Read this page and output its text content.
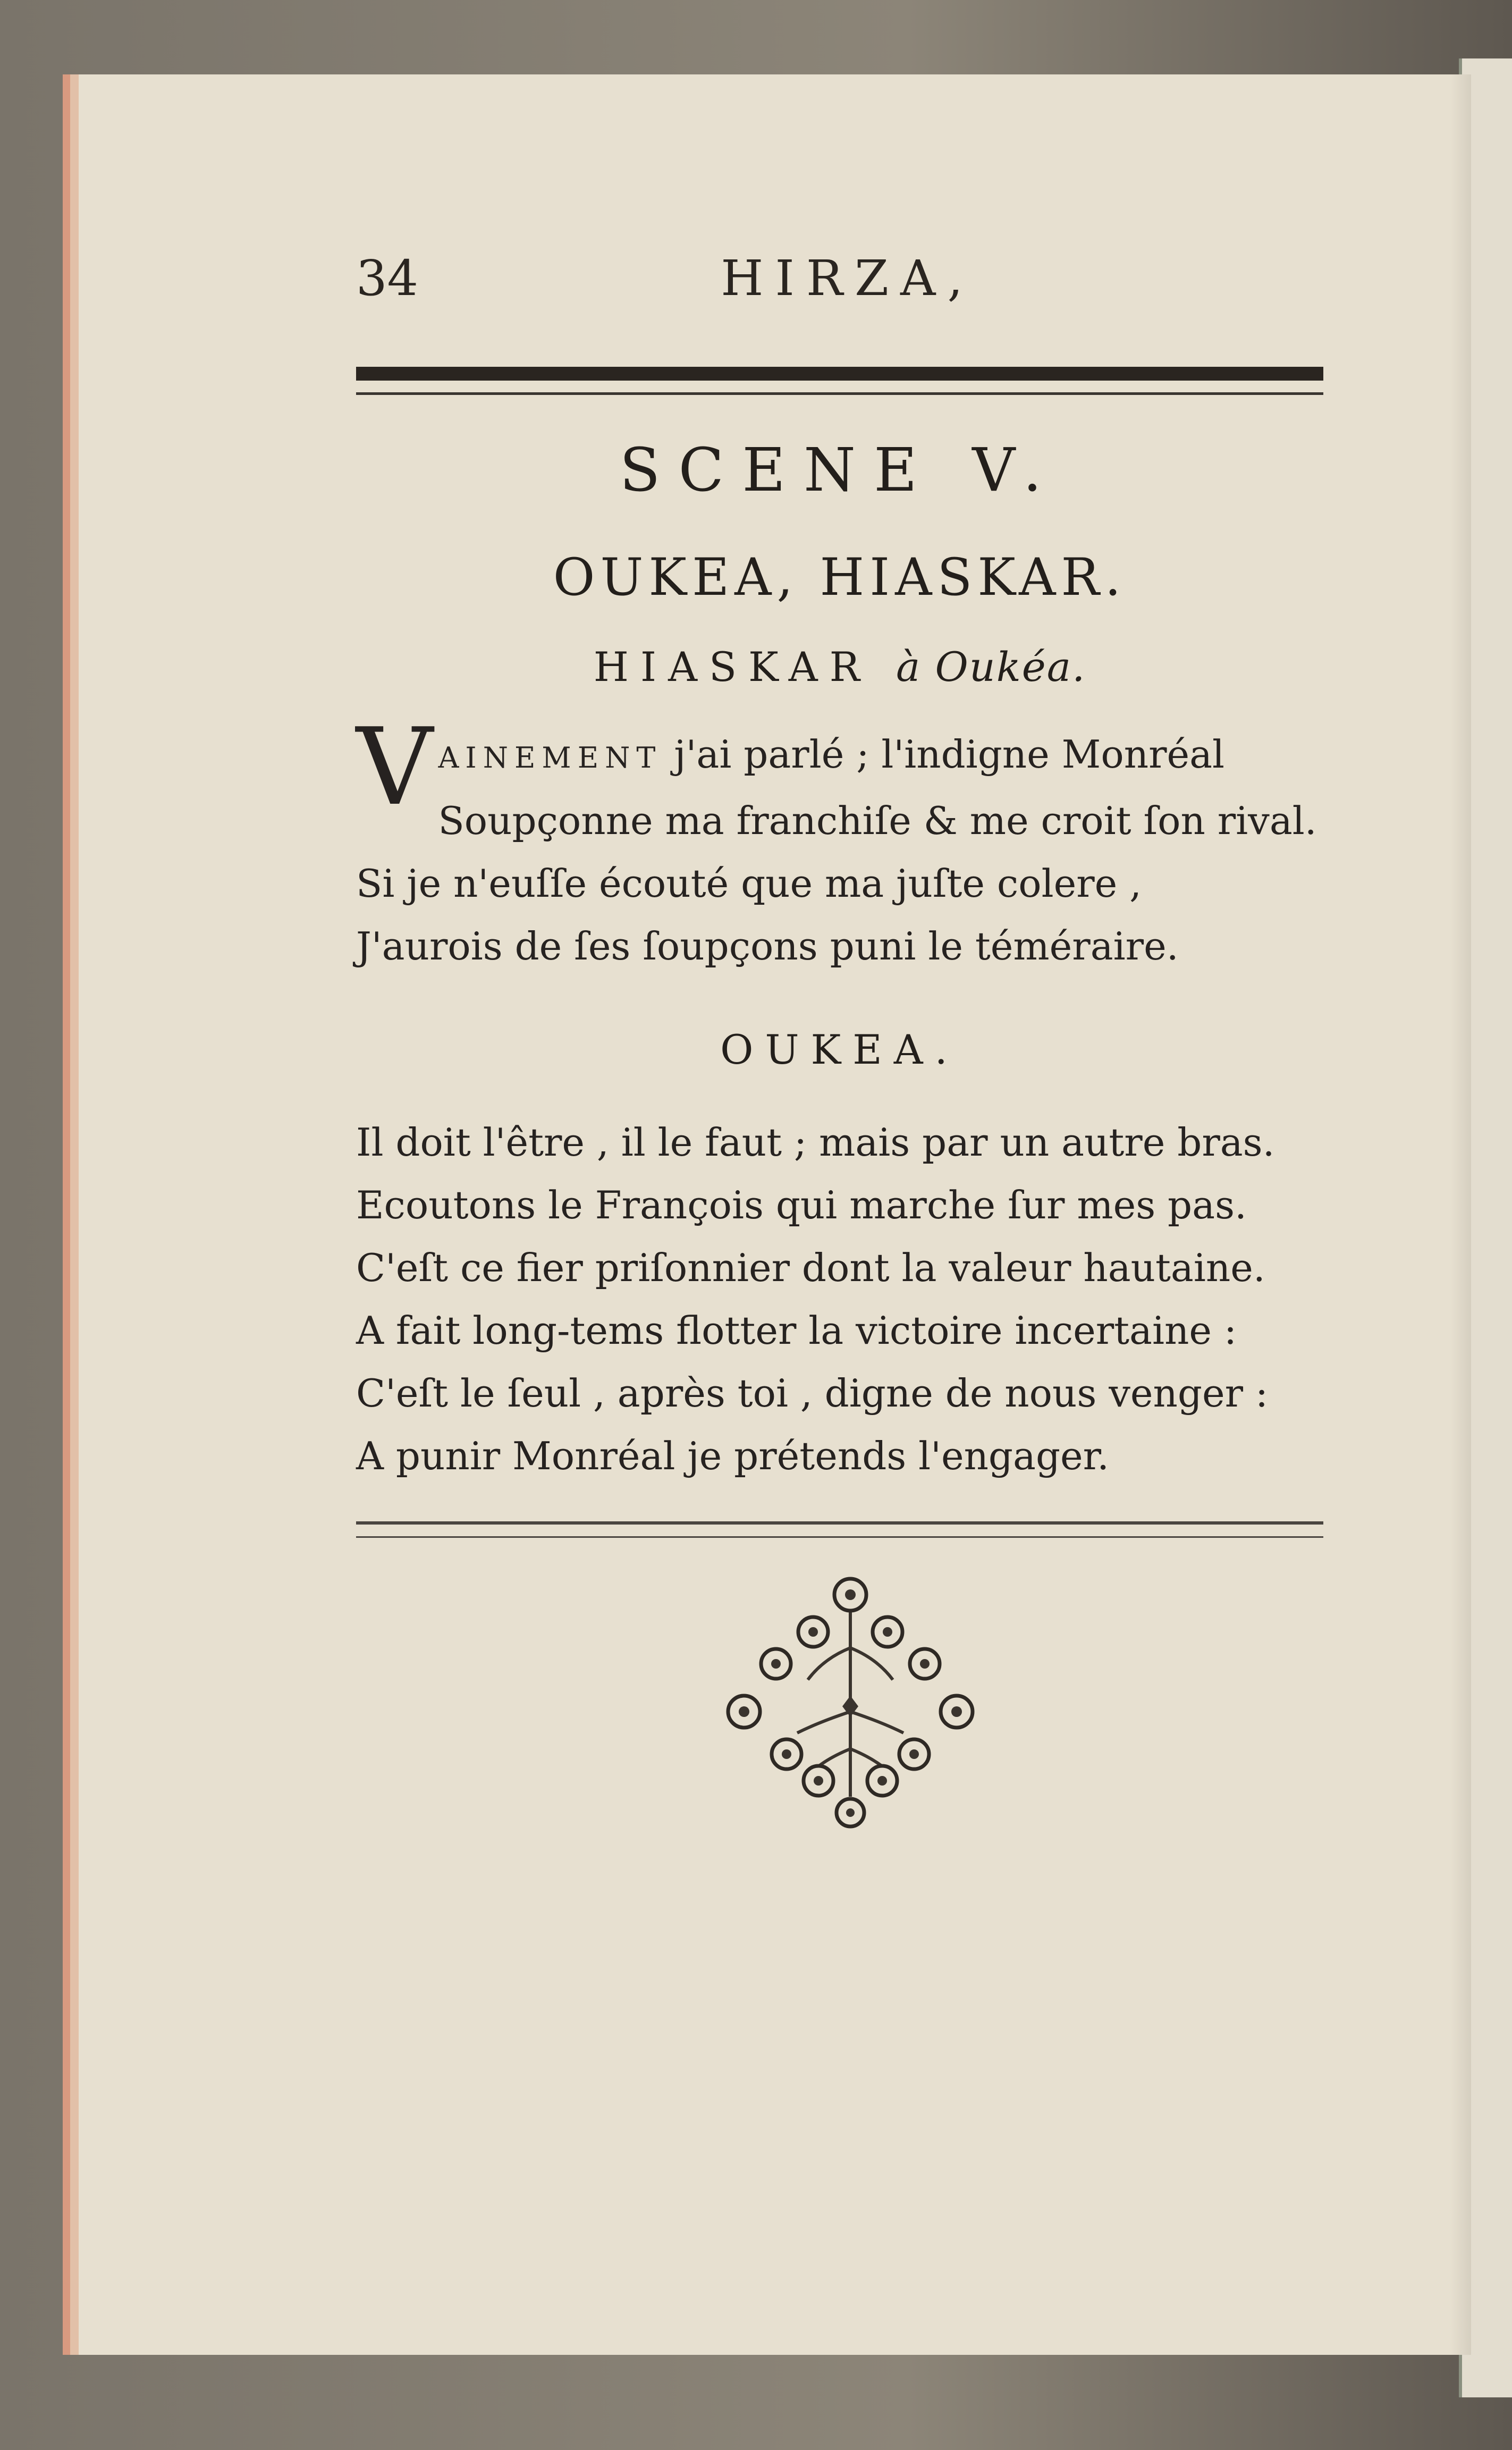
34	HIRZA,
SCENE V.
OUKEA, HIASKAR.
HIASKAR à Oukéa.
VAINEMENT j'ai parlé ; l'indigne Monréal
Soupçonne ma franchiſe & me croit ſon rival.
Si je n'euſſe écouté que ma juſte colere ,
J'aurois de ſes ſoupçons puni le téméraire.
OUKEA.
Il doit l'être , il le faut ; mais par un autre bras.
Ecoutons le François qui marche ſur mes pas.
C'eſt ce fier priſonnier dont la valeur hautaine.
A fait long-tems flotter la victoire incertaine :
C'eſt le ſeul , après toi , digne de nous venger :
A punir Monréal je prétends l'engager.
